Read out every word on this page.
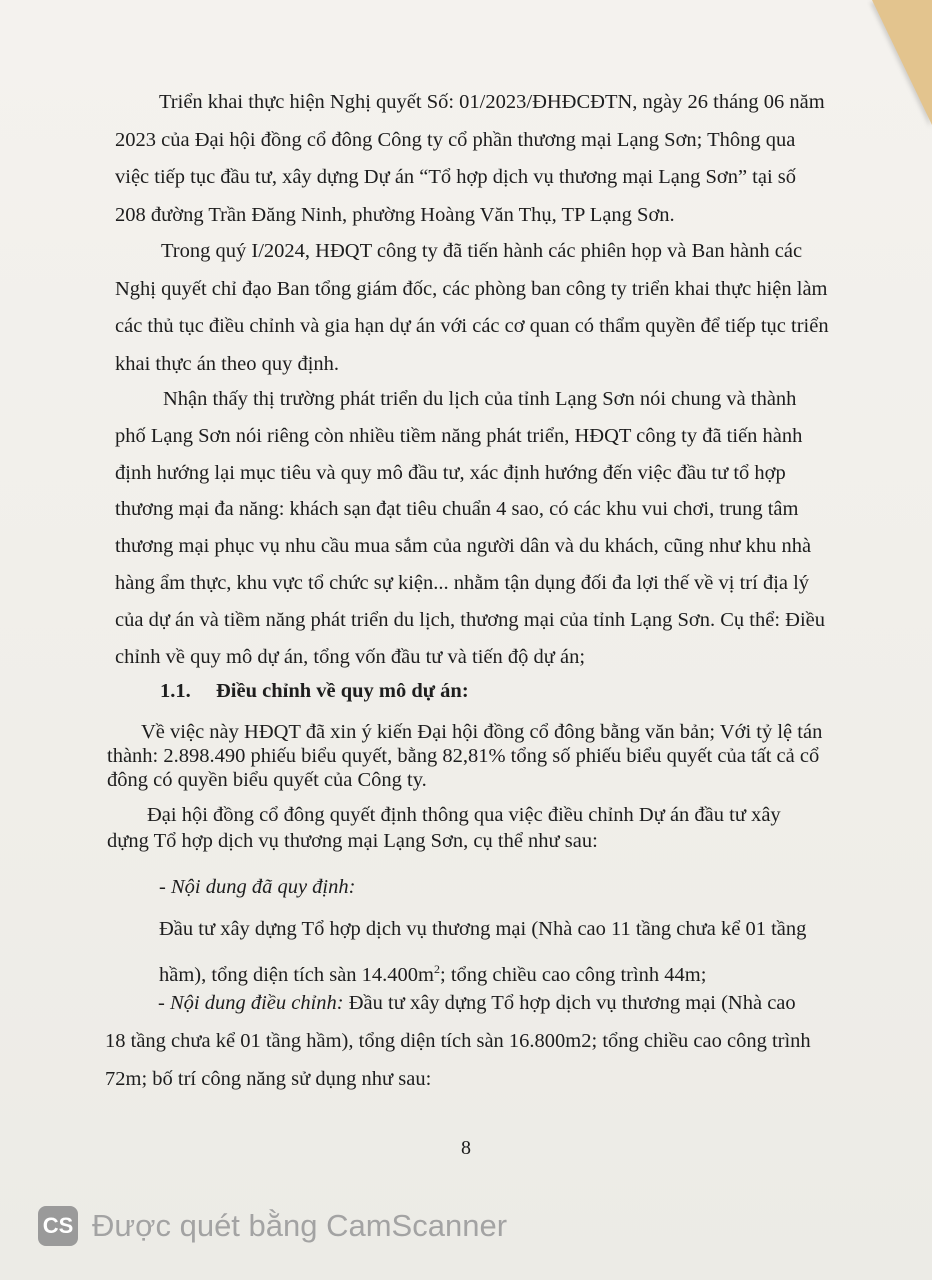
Triển khai thực hiện Nghị quyết Số: 01/2023/ĐHĐCĐTN, ngày 26 tháng 06 năm
2023 của Đại hội đồng cổ đông Công ty cổ phần thương mại Lạng Sơn; Thông qua
việc tiếp tục đầu tư, xây dựng Dự án “Tổ hợp dịch vụ thương mại Lạng Sơn” tại số
208 đường Trần Đăng Ninh, phường Hoàng Văn Thụ, TP Lạng Sơn.
Trong quý I/2024, HĐQT công ty đã tiến hành các phiên họp và Ban hành các
Nghị quyết chỉ đạo Ban tổng giám đốc, các phòng ban công ty triển khai thực hiện làm
các thủ tục điều chỉnh và gia hạn dự án với các cơ quan có thẩm quyền để tiếp tục triển
khai thực án theo quy định.
Nhận thấy thị trường phát triển du lịch của tỉnh Lạng Sơn nói chung và thành
phố Lạng Sơn nói riêng còn nhiều tiềm năng phát triển, HĐQT công ty đã tiến hành
định hướng lại mục tiêu và quy mô đầu tư, xác định hướng đến việc đầu tư tổ hợp
thương mại đa năng: khách sạn đạt tiêu chuẩn 4 sao, có các khu vui chơi, trung tâm
thương mại phục vụ nhu cầu mua sắm của người dân và du khách, cũng như khu nhà
hàng ẩm thực, khu vực tổ chức sự kiện... nhằm tận dụng đối đa lợi thế về vị trí địa lý
của dự án và tiềm năng phát triển du lịch, thương mại của tỉnh Lạng Sơn. Cụ thể: Điều
chỉnh về quy mô dự án, tổng vốn đầu tư và tiến độ dự án;
1.1. Điều chỉnh về quy mô dự án:
Về việc này HĐQT đã xin ý kiến Đại hội đồng cổ đông bằng văn bản; Với tỷ lệ tán
thành: 2.898.490 phiếu biểu quyết, bằng 82,81% tổng số phiếu biểu quyết của tất cả cổ
đông có quyền biểu quyết của Công ty.
Đại hội đồng cổ đông quyết định thông qua việc điều chỉnh Dự án đầu tư xây
dựng Tổ hợp dịch vụ thương mại Lạng Sơn, cụ thể như sau:
- Nội dung đã quy định:
Đầu tư xây dựng Tổ hợp dịch vụ thương mại (Nhà cao 11 tầng chưa kể 01 tầng
hầm), tổng diện tích sàn $14.400m^2$; tổng chiều cao công trình 44m;
- Nội dung điều chỉnh: Đầu tư xây dựng Tổ hợp dịch vụ thương mại (Nhà cao
18 tầng chưa kể 01 tầng hầm), tổng diện tích sàn 16.800m2; tổng chiều cao công trình
72m; bố trí công năng sử dụng như sau:
8
CS Được quét bằng CamScanner
